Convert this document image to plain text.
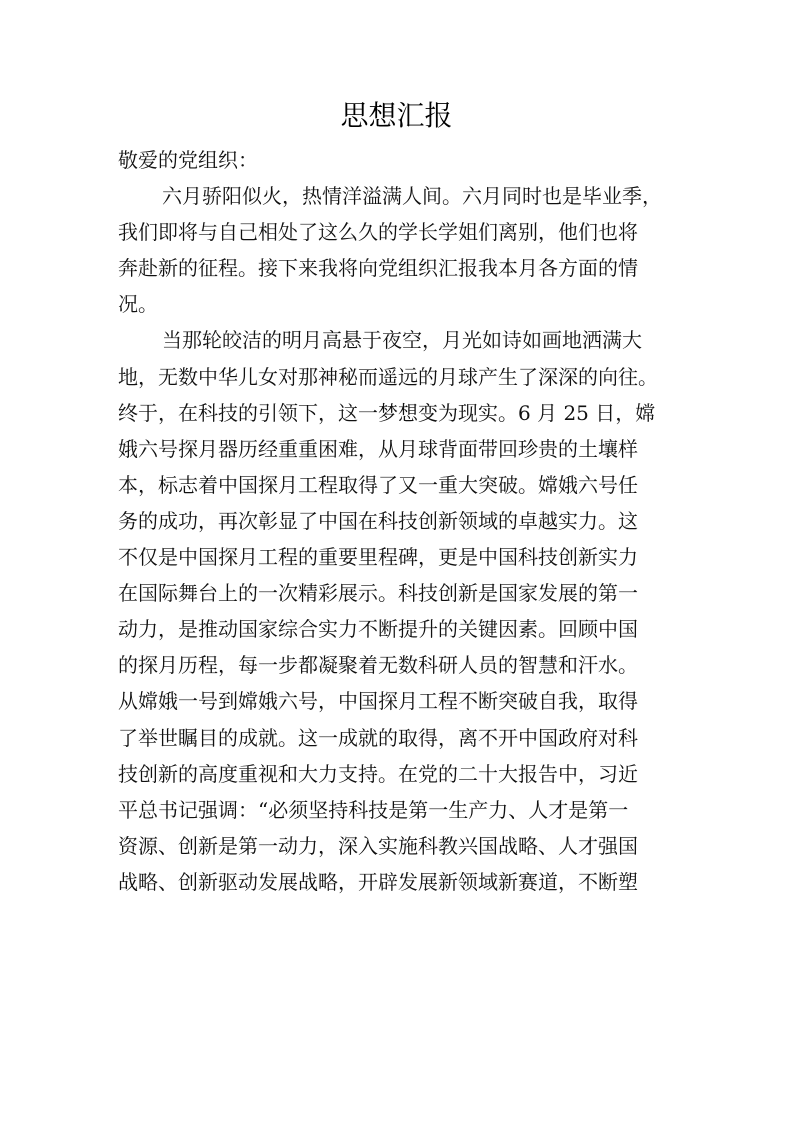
思想汇报
敬爱的党组织：
六月骄阳似火，热情洋溢满人间。六月同时也是毕业季，
我们即将与自己相处了这么久的学长学姐们离别，他们也将
奔赴新的征程。接下来我将向党组织汇报我本月各方面的情
况。
当那轮皎洁的明月高悬于夜空，月光如诗如画地洒满大
地，无数中华儿女对那神秘而遥远的月球产生了深深的向往。
终于，在科技的引领下，这一梦想变为现实。6 月 25 日，嫦
娥六号探月器历经重重困难，从月球背面带回珍贵的土壤样
本，标志着中国探月工程取得了又一重大突破。嫦娥六号任
务的成功，再次彰显了中国在科技创新领域的卓越实力。这
不仅是中国探月工程的重要里程碑，更是中国科技创新实力
在国际舞台上的一次精彩展示。科技创新是国家发展的第一
动力，是推动国家综合实力不断提升的关键因素。回顾中国
的探月历程，每一步都凝聚着无数科研人员的智慧和汗水。
从嫦娥一号到嫦娥六号，中国探月工程不断突破自我，取得
了举世瞩目的成就。这一成就的取得，离不开中国政府对科
技创新的高度重视和大力支持。在党的二十大报告中，习近
平总书记强调：“必须坚持科技是第一生产力、人才是第一
资源、创新是第一动力，深入实施科教兴国战略、人才强国
战略、创新驱动发展战略，开辟发展新领域新赛道，不断塑
